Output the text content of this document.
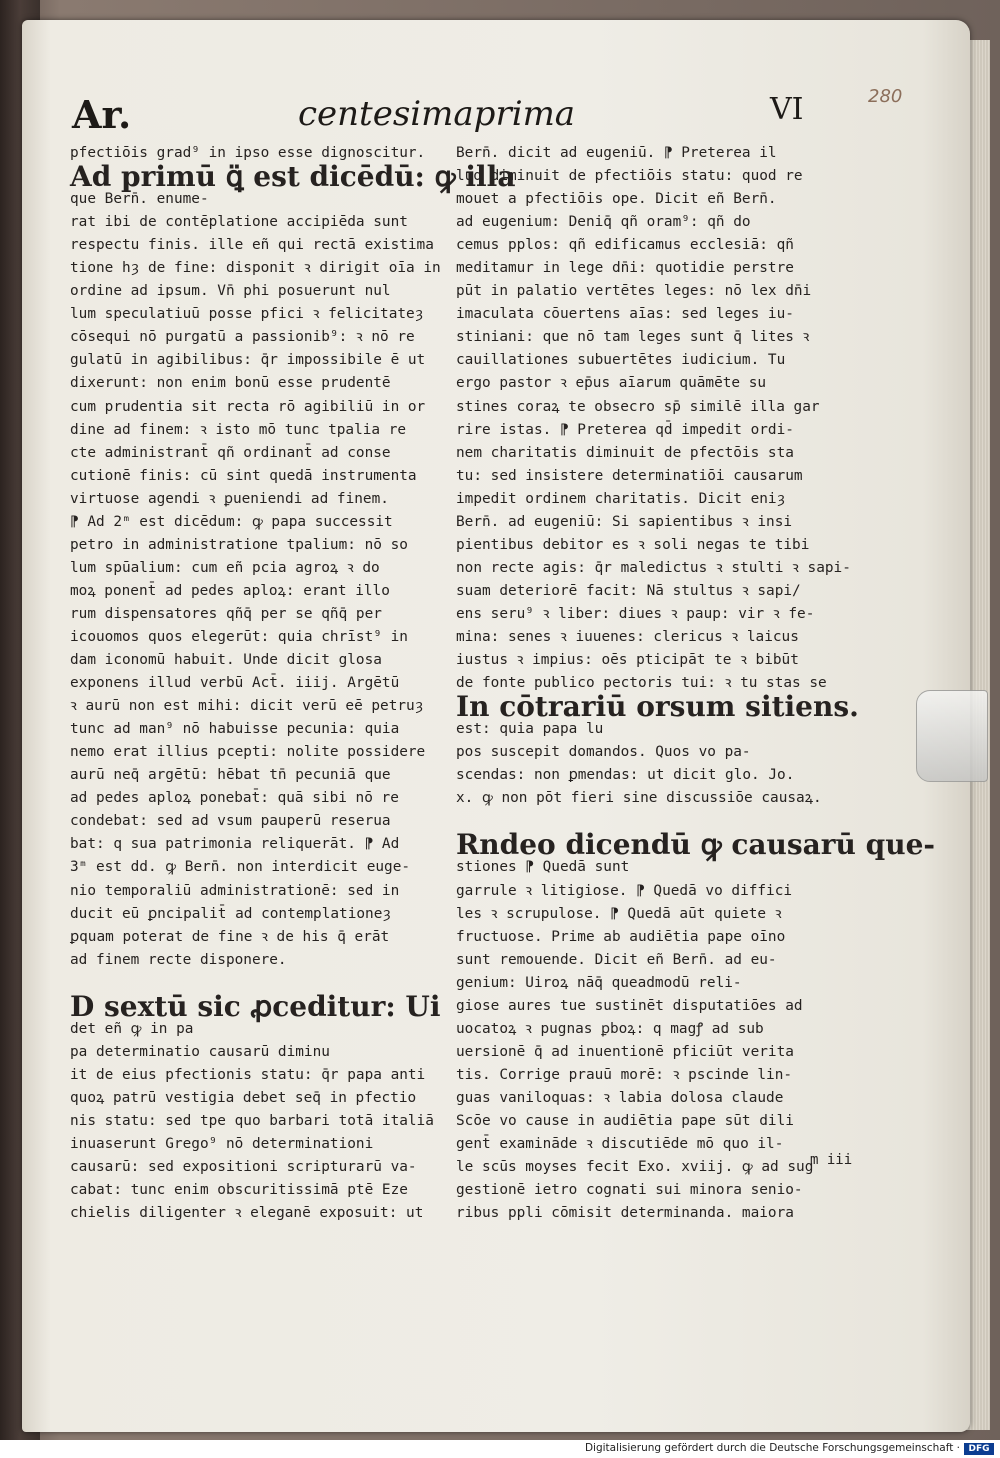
Ar.	centesimaprima	VI	280
pfectiōis grad⁹ in ipso esse dignoscitur.
Ad primū ꝗ̈ est dicēdū: ꝙ illa
que Bern̄. enume-
rat ibi de contēplatione accipiēda sunt
respectu finis. ille eñ qui rectā existima
tione hȝ de fine: disponit ꝛ dirigit oīa in
ordine ad ipsum. Vn̄ phi posuerunt nul
lum speculatiuū posse pfici ꝛ felicitateȝ
cōsequi nō purgatū a passionib⁹: ꝛ nō re
gulatū in agibilibus: q̄r impossibile ē ut
dixerunt: non enim bonū esse prudentē
cum prudentia sit recta rō agibiliū in or
dine ad finem: ꝛ isto mō tunc tpalia re
cte administrant̄ qñ ordinant̄ ad conse
cutionē finis: cū sint quedā instrumenta
virtuose agendi ꝛ ꝑueniendi ad finem.
⁋ Ad 2ᵐ est dicēdum: ꝙ papa successit
petro in administratione tpalium: nō so
lum spūalium: cum eñ pcia agroꝝ ꝛ do
moꝝ ponent̄ ad pedes aploꝝ: erant illo
rum dispensatores qñq̄ per se qñq̄ per
icouomos quos elegerūt: quia chrīst⁹ in
dam iconomū habuit. Unde dicit glosa
exponens illud verbū Act̄. iiij. Argētū
ꝛ aurū non est mihi: dicit verū eē petruȝ
tunc ad man⁹ nō habuisse pecunia: quia
nemo erat illius pcepti: nolite possidere
aurū neq̄ argētū: hēbat tn̄ pecuniā que
ad pedes aploꝝ ponebat̄: quā sibi nō re
condebat: sed ad vsum pauperū reserua
bat: q sua patrimonia reliquerāt. ⁋ Ad
3ᵐ est dd. ꝙ Bern̄. non interdicit euge-
nio temporaliū administrationē: sed in
ducit eū ꝑncipalit̄ ad contemplationeȝ
ꝑquam poterat de fine ꝛ de his q̄ erāt
ad finem recte disponere.
D sextū sic ꝓceditur: Ui
det eñ ꝙ in pa
pa determinatio causarū diminu
it de eius pfectionis statu: q̄r papa anti
quoꝝ patrū vestigia debet seq̄ in pfectio
nis statu: sed tpe quo barbari totā italiā
inuaserunt Grego⁹ nō determinationi
causarū: sed expositioni scripturarū va-
cabat: tunc enim obscuritissimā ptē Eze
chielis diligenter ꝛ eleganē exposuit: ut
Bern̄. dicit ad eugeniū. ⁋ Preterea il
lud diminuit de pfectiōis statu: quod re
mouet a pfectiōis ope. Dicit eñ Bern̄.
ad eugenium: Deniq̄ qñ oram⁹: qñ do
cemus pplos: qñ edificamus ecclesiā: qñ
meditamur in lege dn̄i: quotidie perstre
pūt in palatio vertētes leges: nō lex dn̄i
imaculata cōuertens aīas: sed leges iu-
stiniani: que nō tam leges sunt q̄ lites ꝛ
cauillationes subuertētes iudicium. Tu
ergo pastor ꝛ ep̄us aīarum quāmēte su
stines coraꝝ te obsecro sp̄ similē illa gar
rire istas. ⁋ Preterea qd̄ impedit ordi-
nem charitatis diminuit de pfectōis sta
tu: sed insistere determinatiōi causarum
impedit ordinem charitatis. Dicit eniȝ
Bern̄. ad eugeniū: Si sapientibus ꝛ insi
pientibus debitor es ꝛ soli negas te tibi
non recte agis: q̄r maledictus ꝛ stulti ꝛ sapi-
suam deteriorē facit: Nā stultus ꝛ sapi/
ens seru⁹ ꝛ liber: diues ꝛ paup: vir ꝛ fe-
mina: senes ꝛ iuuenes: clericus ꝛ laicus
iustus ꝛ impius: oēs pticipāt te ꝛ bibūt
de fonte publico pectoris tui: ꝛ tu stas se
In cōtrariū orsum sitiens.
est: quia papa lu
pos suscepit domandos. Quos vo pa-
scendas: non ꝑmendas: ut dicit glo. Jo.
x. ꝙ non pōt fieri sine discussiōe causaꝝ.
Rndeo dicendū ꝙ causarū que-
stiones ⁋ Quedā sunt
garrule ꝛ litigiose. ⁋ Quedā vo diffici
les ꝛ scrupulose. ⁋ Quedā aūt quiete ꝛ
fructuose. Prime ab audiētia pape oīno
sunt remouende. Dicit eñ Bern̄. ad eu-
genium: Uiroꝝ nāq̄ queadmodū reli-
giose aures tue sustinēt disputatiōes ad
uocatoꝝ ꝛ pugnas ꝑboꝝ: q magꝭ ad sub
uersionē q̄ ad inuentionē pficiūt verita
tis. Corrige prauū morē: ꝛ pscinde lin-
guas vaniloquas: ꝛ labia dolosa claude
Scōe vo cause in audiētia pape sūt dili
gent̄ examināde ꝛ discutiēde mō quo il-
le scūs moyses fecit Exo. xviij. ꝙ ad sug
gestionē ietro cognati sui minora senio-
ribus ppli cōmisit determinanda. maiora
m iii
Digitalisierung gefördert durch die Deutsche Forschungsgemeinschaft · DFG
